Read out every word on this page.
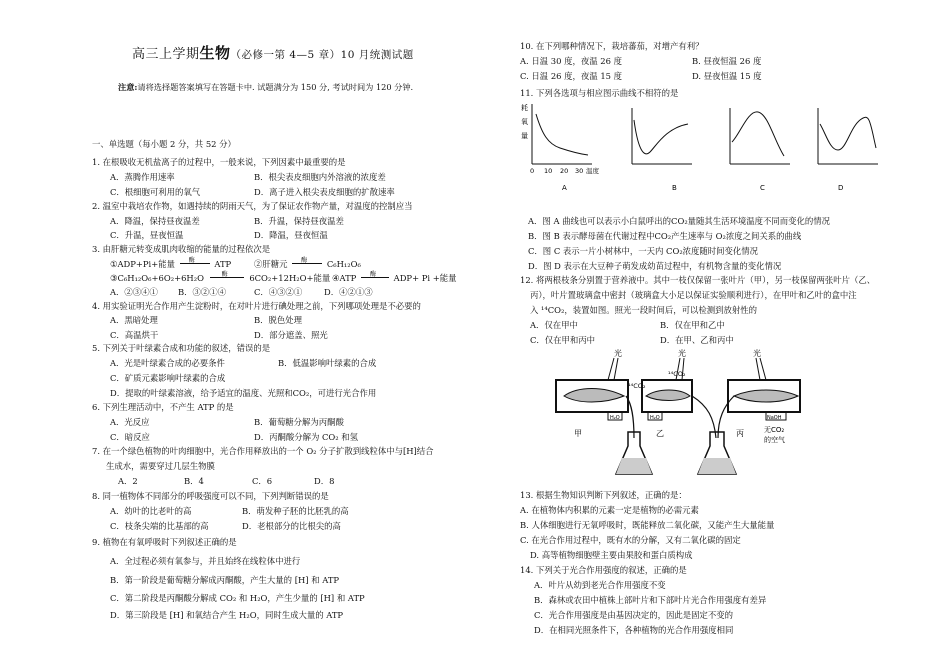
高三上学期生物（必修一第 4—5 章）10 月统测试题
注意:请将选择题答案填写在答题卡中. 试题满分为 150 分, 考试时间为 120 分钟.
一、单选题（每小题 2 分，共 52 分）
1. 在根吸收无机盐离子的过程中，一般来说，下列因素中最重要的是
A．蒸腾作用速率	B．根尖表皮细胞内外溶液的浓度差
C．根细胞可利用的氧气	D．离子进入根尖表皮细胞的扩散速率
2. 温室中栽培农作物，如遇持续的阴雨天气，为了保证农作物产量，对温度的控制应当
A．降温，保持昼夜温差	B．升温，保持昼夜温差
C．升温，昼夜恒温	D．降温，昼夜恒温
3. 由肝糖元转变成肌肉收缩的能量的过程依次是
①ADP+Pi+能量 酶 ATP	②肝糖元 酶 C₆H₁₂O₆
③C₆H₁₂O₆+6O₂+6H₂O	酶	6CO₂+12H₂O+能量 ④ATP 酶 ADP+ Pi +能量
A．②③④① B．③②①④	C．④③②①	D．④②①③
4. 用实验证明光合作用产生淀粉时，在对叶片进行碘处理之前，下列哪项处理是不必要的
A．黑暗处理	B．脱色处理
C．高温烘干	D．部分遮盖、照光
5. 下列关于叶绿素合成和功能的叙述，错误的是
A．光是叶绿素合成的必要条件	B．低温影响叶绿素的合成
C．矿质元素影响叶绿素的合成
D．提取的叶绿素溶液，给予适宜的温度、光照和CO₂，可进行光合作用
6. 下列生理活动中，不产生 ATP 的是
A．光反应	B．葡萄糖分解为丙酮酸
C．暗反应	D．丙酮酸分解为 CO₂ 和氢
7. 在一个绿色植物的叶肉细胞中，光合作用释放出的一个 O₂ 分子扩散到线粒体中与[H]结合
生成水，需要穿过几层生物膜
A．2	B．4	C．6	D．8
8. 同一植物体不同部分的呼吸强度可以不同，下列判断错误的是
A．幼叶的比老叶的高	B．萌发种子胚的比胚乳的高
C．枝条尖端的比基部的高	D．老根部分的比根尖的高
9. 植物在有氧呼吸时下列叙述正确的是
A．全过程必须有氧参与，并且始终在线粒体中进行
B．第一阶段是葡萄糖分解成丙酮酸，产生大量的 [H] 和 ATP
C．第二阶段是丙酮酸分解成 CO₂ 和 H₂O，产生少量的 [H] 和 ATP
D．第三阶段是 [H] 和氧结合产生 H₂O，同时生成大量的 ATP
10. 在下列哪种情况下，栽培蕃茄，对增产有利？
A. 日温 30 度，夜温 26 度	B. 昼夜恒温 26 度
C. 日温 26 度，夜温 15 度	D. 昼夜恒温 15 度
11. 下列各选项与相应图示曲线不相符的是
耗
氧
量
0 10 20 30 温度
A	B	C	D
A．图 A 曲线也可以表示小白鼠呼出的CO₂量随其生活环境温度不同而变化的情况
B．图 B 表示酵母菌在代谢过程中CO₂产生速率与 O₂浓度之间关系的曲线
C．图 C 表示一片小树林中，一天内 CO₂浓度随时间变化情况
D．图 D 表示在大豆种子萌发成幼苗过程中，有机物含量的变化情况
12. 将两根枝条分别置于营养液中。其中一枝仅保留一张叶片（甲），另一枝保留两张叶片（乙、
丙），叶片置玻璃盒中密封（玻璃盒大小足以保证实验顺利进行），在甲叶和乙叶的盒中注
入 ¹⁴CO₂，装置如图。照光一段时间后，可以检测到放射性的
A．仅在甲中	B．仅在甲和乙中
C．仅在甲和丙中	D．在甲、乙和丙中
光	光	光
¹⁴CO₂
H₂O
甲
¹⁴CO₂
H₂O
乙
NaOH
丙	无CO₂
的空气
13. 根据生物知识判断下列叙述，正确的是：
A. 在植物体内积累的元素一定是植物的必需元素
B. 人体细胞进行无氧呼吸时，既能释放二氧化碳，又能产生大量能量
C. 在光合作用过程中，既有水的分解，又有二氧化碳的固定
D. 高等植物细胞壁主要由果胶和蛋白质构成
14. 下列关于光合作用强度的叙述，正确的是
A．叶片从幼到老光合作用强度不变
B．森林或农田中植株上部叶片和下部叶片光合作用强度有差异
C．光合作用强度是由基因决定的，因此是固定不变的
D．在相同光照条件下，各种植物的光合作用强度相同
